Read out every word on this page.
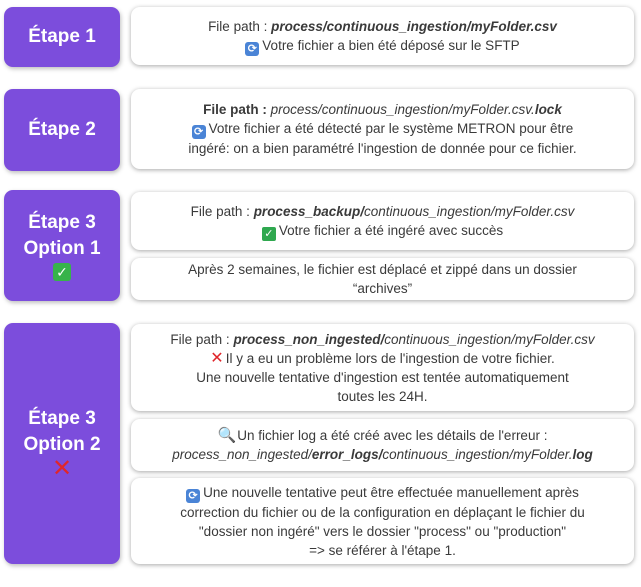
Étape 1
Étape 2
Étape 3
Option 1
✓
Étape 3
Option 2
✕
File path : process/continuous_ingestion/myFolder.csv
⟳ Votre fichier a bien été déposé sur le SFTP
File path : process/continuous_ingestion/myFolder.csv.lock
⟳ Votre fichier a été détecté par le système METRON pour être
ingéré: on a bien paramétré l'ingestion de donnée pour ce fichier.
File path : process_backup/continuous_ingestion/myFolder.csv
✓ Votre fichier a été ingéré avec succès
Après 2 semaines, le fichier est déplacé et zippé dans un dossier
“archives”
File path : process_non_ingested/continuous_ingestion/myFolder.csv
✕ Il y a eu un problème lors de l'ingestion de votre fichier.
Une nouvelle tentative d'ingestion est tentée automatiquement
toutes les 24H.
🔍Un fichier log a été créé avec les détails de l'erreur :
process_non_ingested/error_logs/continuous_ingestion/myFolder.log
⟳ Une nouvelle tentative peut être effectuée manuellement après
correction du fichier ou de la configuration en déplaçant le fichier du
"dossier non ingéré" vers le dossier "process" ou "production"
=> se référer à l'étape 1.
